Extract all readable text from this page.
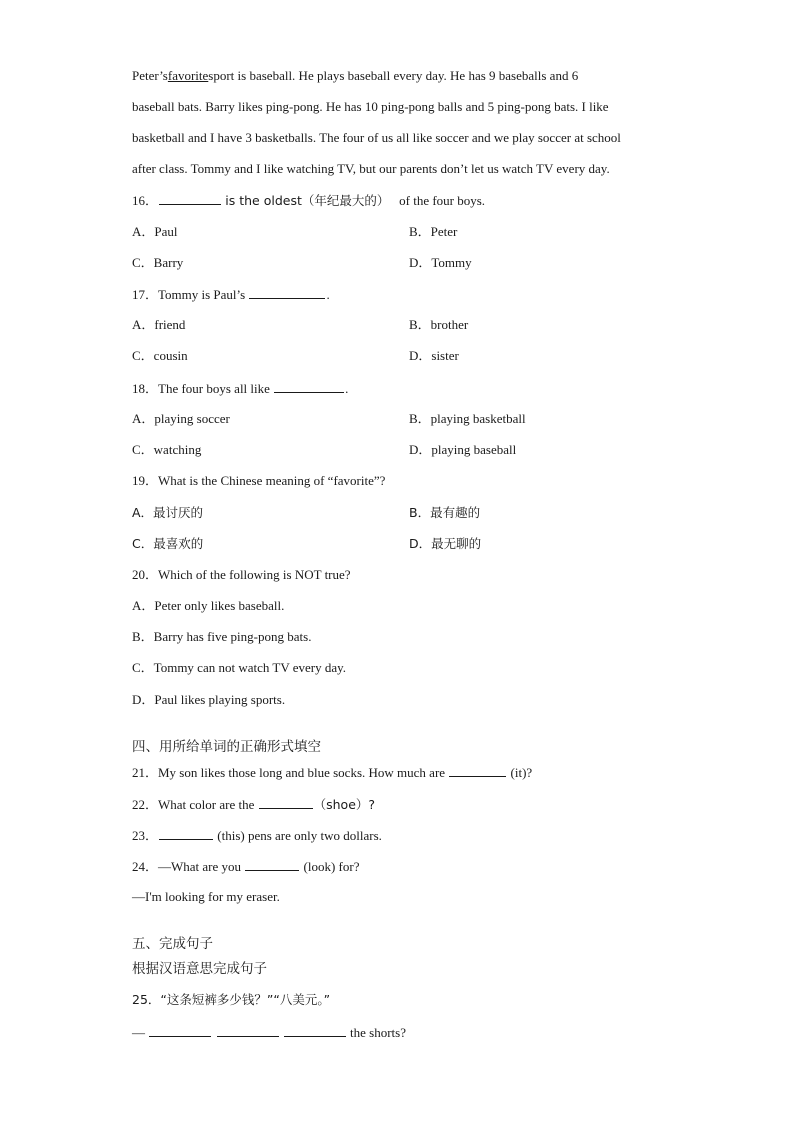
Peter’sfavoritesport is baseball. He plays baseball every day. He has 9 baseballs and 6
baseball bats. Barry likes ping-pong. He has 10 ping-pong balls and 5 ping-pong bats. I like
basketball and I have 3 basketballs. The four of us all like soccer and we play soccer at school
after class. Tommy and I like watching TV, but our parents don’t let us watch TV every day.
16．	is the oldest（年纪最大的） of the four boys.
A．Paul	B．Peter
C．Barry	D．Tommy
17．Tommy is Paul’s	.
A．friend	B．brother
C．cousin	D．sister
18．The four boys all like	.
A．playing soccer	B．playing basketball
C．watching	D．playing baseball
19．What is the Chinese meaning of “favorite”?
A．最讨厌的	B．最有趣的
C．最喜欢的	D．最无聊的
20．Which of the following is NOT true?
A．Peter only likes baseball.
B．Barry has five ping-pong bats.
C．Tommy can not watch TV every day.
D．Paul likes playing sports.
四、用所给单词的正确形式填空
21．My son likes those long and blue socks. How much are	(it)?
22．What color are the	（shoe）?
23．	(this) pens are only two dollars.
24．—What are you	(look) for?
—I'm looking for my eraser.
五、完成句子
根据汉语意思完成句子
25．“这条短裤多少钱？”“八美元。”
—	the shorts?
